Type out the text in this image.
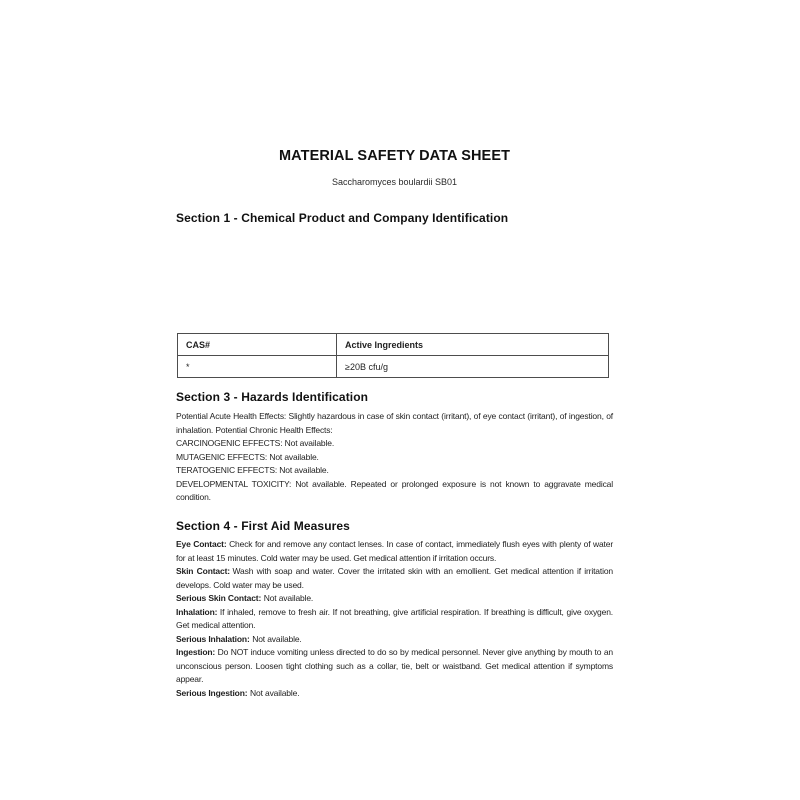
MATERIAL SAFETY DATA SHEET
Saccharomyces boulardii SB01
Section 1 - Chemical Product and Company Identification
CAS#	Active Ingredients
*	≥20B cfu/g
Section 3 - Hazards Identification

Potential Acute Health Effects: Slightly hazardous in case of skin contact (irritant), of eye contact (irritant), of ingestion, of inhalation. Potential Chronic Health Effects:

CARCINOGENIC EFFECTS: Not available.

MUTAGENIC EFFECTS: Not available.

TERATOGENIC EFFECTS: Not available.

DEVELOPMENTAL TOXICITY: Not available. Repeated or prolonged exposure is not known to aggravate medical condition.

Section 4 - First Aid Measures

Eye Contact: Check for and remove any contact lenses. In case of contact, immediately flush eyes with plenty of water for at least 15 minutes. Cold water may be used. Get medical attention if irritation occurs.

Skin Contact: Wash with soap and water. Cover the irritated skin with an emollient. Get medical attention if irritation develops. Cold water may be used.

Serious Skin Contact: Not available.

Inhalation: If inhaled, remove to fresh air. If not breathing, give artificial respiration. If breathing is difficult, give oxygen. Get medical attention.

Serious Inhalation: Not available.

Ingestion: Do NOT induce vomiting unless directed to do so by medical personnel. Never give anything by mouth to an unconscious person. Loosen tight clothing such as a collar, tie, belt or waistband. Get medical attention if symptoms appear.

Serious Ingestion: Not available.
